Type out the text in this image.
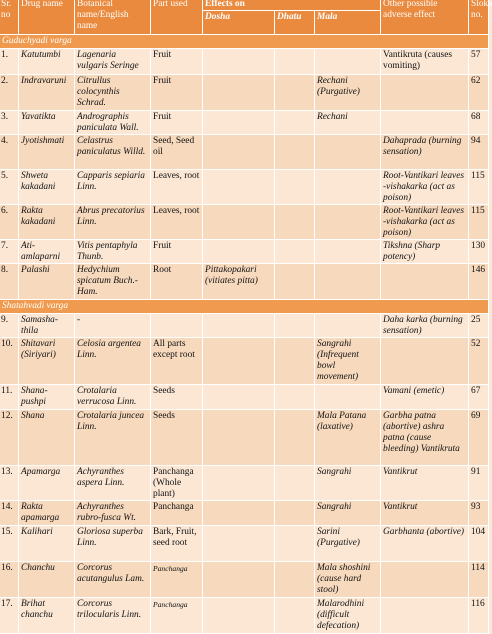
Sr. no	Drug name	Botanical name/English name	Part used	Effects on			Other possible adverse effect	Sloka no.
				Dosha	Dhatu	Mala		
Guduchyadi varga								
1.	Katutumbi	Lagenaria vulgaris Seringe	Fruit				Vantikruta (causes vomiting)	57
2.	Indravaruni	Citrullus colocynthis Schrad.	Fruit			Rechani (Purgative)		62
3.	Yavatikta	Andrographis paniculata Wall.	Fruit			Rechani		68
4.	Jyotishmati	Celastrus paniculatus Willd.	Seed, Seed oil				Dahaprada (burning sensation)	94
5.	Shweta kakadani	Capparis sepiaria Linn.	Leaves, root				Root-Vantikari leaves -vishakarka (act as poison)	115
6.	Rakta kakadani	Abrus precatorius Linn.	Leaves, root				Root-Vantikari leaves -vishakarka (act as poison)	115
7.	Ati-amlaparni	Vitis pentaphyla Thunb.	Fruit				Tikshna (Sharp potency)	130
8.	Palashi	Hedychium spicatum Buch.-Ham.	Root	Pittakopakari (vitiates pitta)				146
Shatahvadi varga								
9.	Samasha-thila	-					Daha karka (burning sensation)	25
10.	Shitavari (Siriyari)	Celosia argentea Linn.	All parts except root			Sangrahi (Infrequent bowl movement)		52
11.	Shana-pushpi	Crotalaria verrucosa Linn.	Seeds				Vamani (emetic)	67
12.	Shana	Crotalaria juncea Linn.	Seeds			Mala Patana (laxative)	Garbha patna (abortive) ashra patna (cause bleeding) Vantikruta	69
13.	Apamarga	Achyranthes aspera Linn.	Panchanga (Whole plant)			Sangrahi	Vantikrut	91
14.	Rakta apamarga	Achyranthes rubro-fusca Wt.	Panchanga			Sangrahi	Vantikrut	93
15.	Kalihari	Gloriosa superba Linn.	Bark, Fruit, seed root			Sarini (Purgative)	Garbhanta (abortive)	104
16.	Chanchu	Corcorus acutangulus Lam.	Panchanga			Mala shoshini (cause hard stool)		114
17.	Brihat chanchu	Corcorus trilocularis Linn.	Panchanga			Malarodhini (difficult defecation)		116
